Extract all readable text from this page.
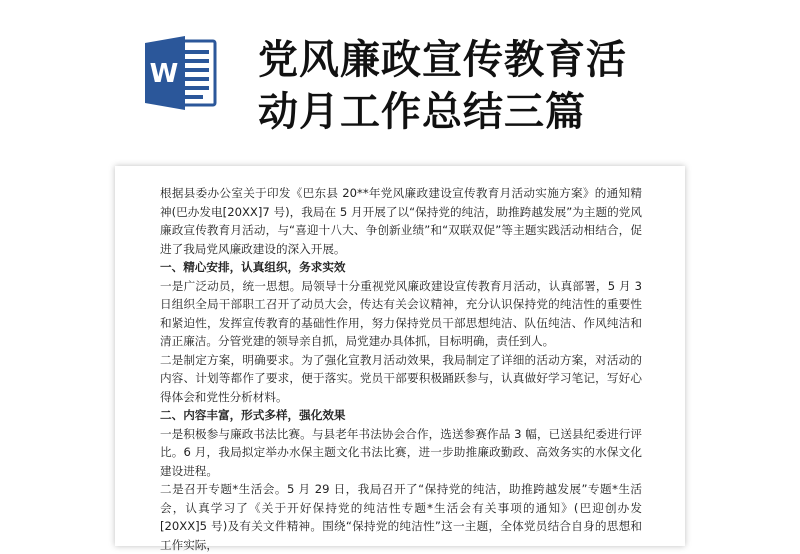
W 党风廉政宣传教育活
动月工作总结三篇

根据县委办公室关于印发《巴东县 20**年党风廉政建设宣传教育月活动实施方案》的通知精神(巴办发电[20XX]7 号)，我局在 5 月开展了以“保持党的纯洁，助推跨越发展”为主题的党风廉政宣传教育月活动，与“喜迎十八大、争创新业绩”和“双联双促”等主题实践活动相结合，促进了我局党风廉政建设的深入开展。

一、精心安排，认真组织，务求实效

一是广泛动员，统一思想。局领导十分重视党风廉政建设宣传教育月活动，认真部署，5 月 3 日组织全局干部职工召开了动员大会，传达有关会议精神，充分认识保持党的纯洁性的重要性和紧迫性，发挥宣传教育的基础性作用，努力保持党员干部思想纯洁、队伍纯洁、作风纯洁和清正廉洁。分管党建的领导亲自抓，局党建办具体抓，目标明确，责任到人。

二是制定方案，明确要求。为了强化宣教月活动效果，我局制定了详细的活动方案，对活动的内容、计划等都作了要求，便于落实。党员干部要积极踊跃参与，认真做好学习笔记，写好心得体会和党性分析材料。

二、内容丰富，形式多样，强化效果

一是积极参与廉政书法比赛。与县老年书法协会合作，选送参赛作品 3 幅，已送县纪委进行评比。6 月，我局拟定举办水保主题文化书法比赛，进一步助推廉政勤政、高效务实的水保文化建设进程。

二是召开专题*生活会。5 月 29 日，我局召开了“保持党的纯洁，助推跨越发展”专题*生活会，认真学习了《关于开好保持党的纯洁性专题*生活会有关事项的通知》(巴迎创办发[20XX]5 号)及有关文件精神。围绕“保持党的纯洁性”这一主题，全体党员结合自身的思想和工作实际，
